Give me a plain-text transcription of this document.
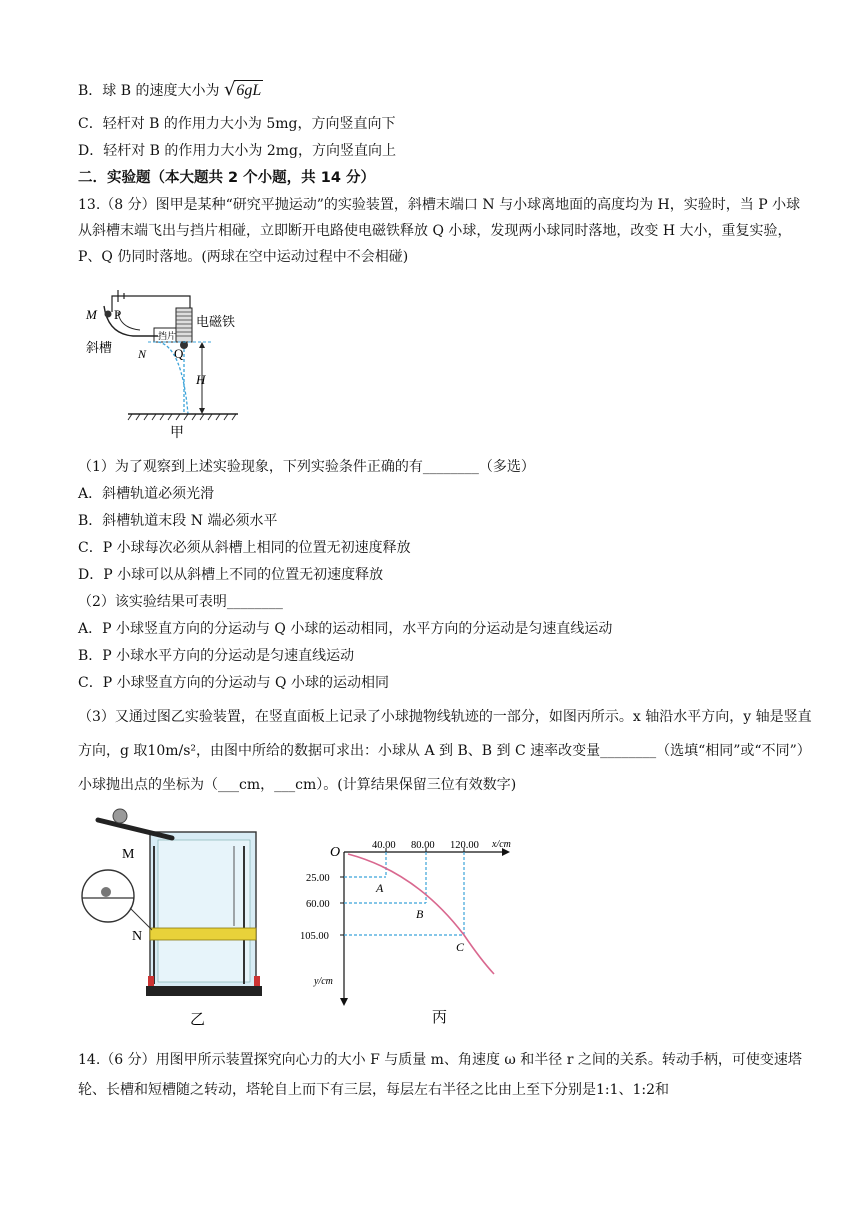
B．球 B 的速度大小为 √6gL
C．轻杆对 B 的作用力大小为 5mg，方向竖直向下
D．轻杆对 B 的作用力大小为 2mg，方向竖直向上
二．实验题（本大题共 2 个小题，共 14 分）
13.（8 分）图甲是某种“研究平抛运动”的实验装置，斜槽末端口 N 与小球离地面的高度均为 H，实验时，当 P 小球从斜槽末端飞出与挡片相碰，立即断开电路使电磁铁释放 Q 小球，发现两小球同时落地，改变 H 大小，重复实验，P、Q 仍同时落地。(两球在空中运动过程中不会相碰)
M P	电磁铁
挡片
斜槽 N Q
H
甲
（1）为了观察到上述实验现象，下列实验条件正确的有________（多选）
A．斜槽轨道必须光滑
B．斜槽轨道末段 N 端必须水平
C．P 小球每次必须从斜槽上相同的位置无初速度释放
D．P 小球可以从斜槽上不同的位置无初速度释放
（2）该实验结果可表明________
A．P 小球竖直方向的分运动与 Q 小球的运动相同，水平方向的分运动是匀速直线运动
B．P 小球水平方向的分运动是匀速直线运动
C．P 小球竖直方向的分运动与 Q 小球的运动相同
（3）又通过图乙实验装置，在竖直面板上记录了小球抛物线轨迹的一部分，如图丙所示。x 轴沿水平方向，y 轴是竖直方向，g 取10m/s²，由图中所给的数据可求出：小球从 A 到 B、B 到 C 速率改变量________（选填“相同”或“不同”）小球抛出点的坐标为（___cm，___cm）。(计算结果保留三位有效数字)
M
N
乙
O	40.00 80.00 120.00 x/cm
25.00
60.00
105.00
y/cm
A
B
C
丙
14.（6 分）用图甲所示装置探究向心力的大小 F 与质量 m、角速度 ω 和半径 r 之间的关系。转动手柄，可使变速塔轮、长槽和短槽随之转动，塔轮自上而下有三层，每层左右半径之比由上至下分别是1:1、1:2和
